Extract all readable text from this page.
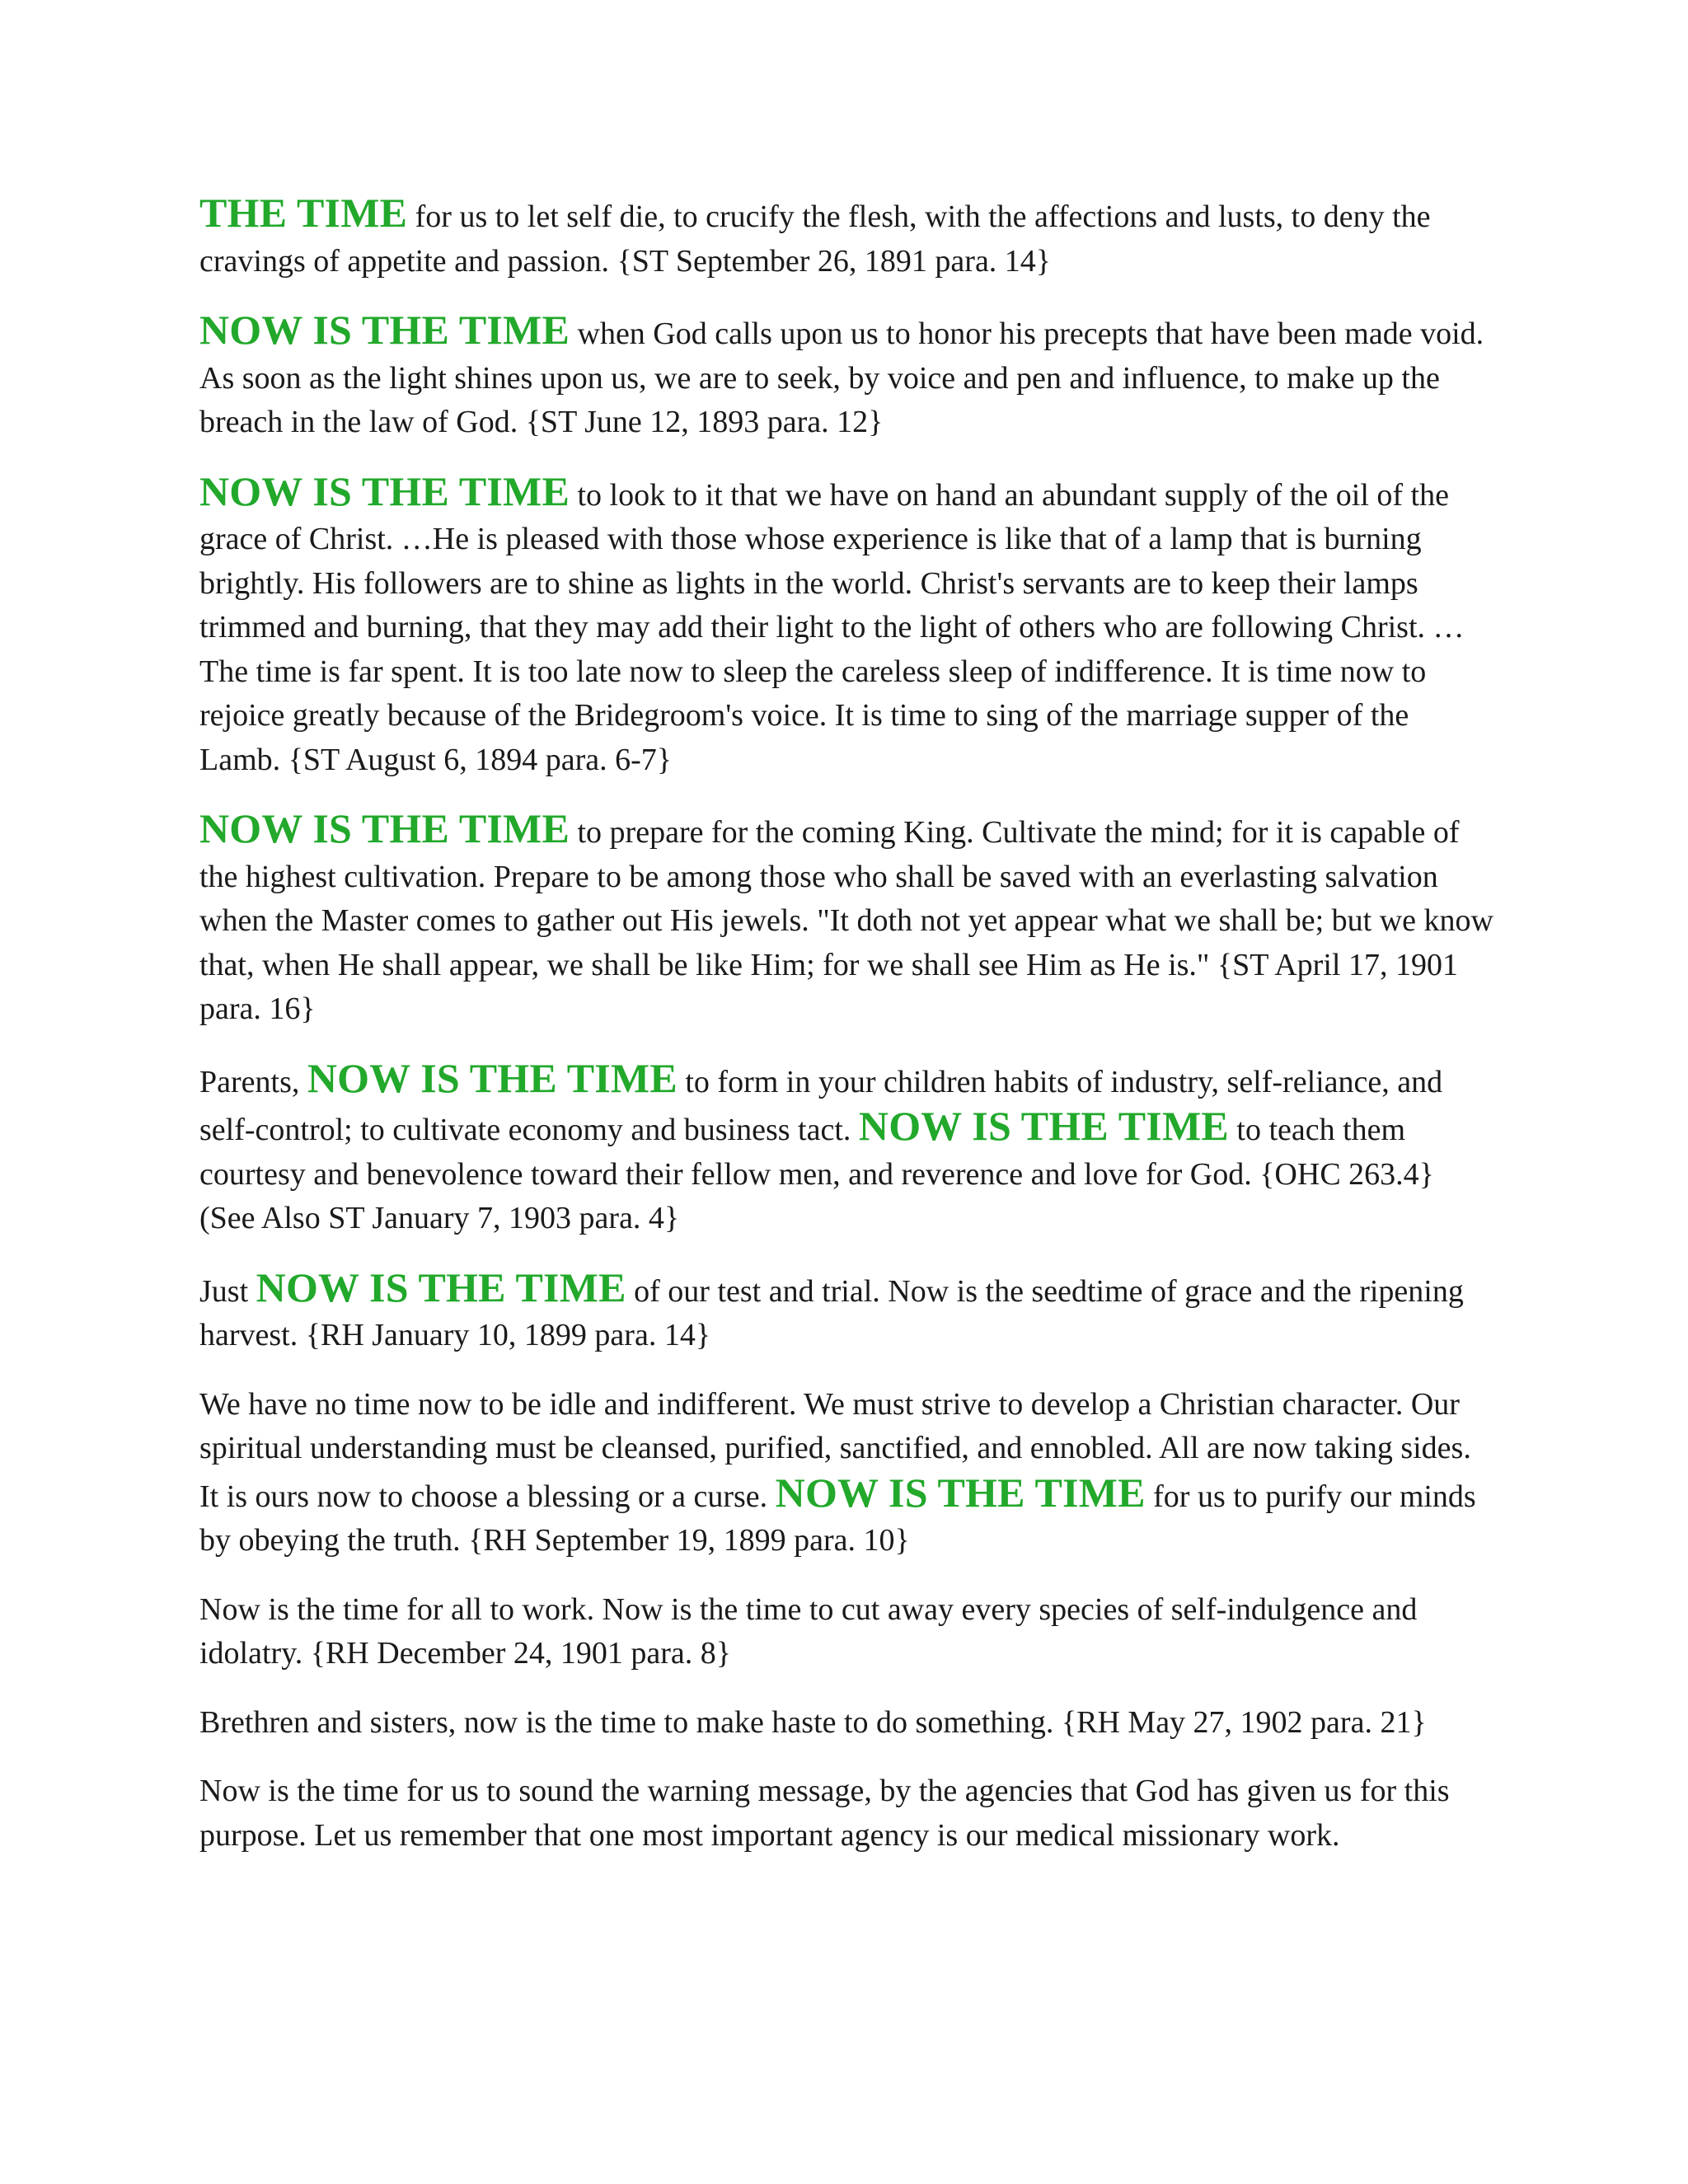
THE TIME for us to let self die, to crucify the flesh, with the affections and lusts, to deny the cravings of appetite and passion. {ST September 26, 1891 para. 14}

NOW IS THE TIME when God calls upon us to honor his precepts that have been made void. As soon as the light shines upon us, we are to seek, by voice and pen and influence, to make up the breach in the law of God. {ST June 12, 1893 para. 12}

NOW IS THE TIME to look to it that we have on hand an abundant supply of the oil of the grace of Christ. …He is pleased with those whose experience is like that of a lamp that is burning brightly. His followers are to shine as lights in the world. Christ's servants are to keep their lamps trimmed and burning, that they may add their light to the light of others who are following Christ. …The time is far spent. It is too late now to sleep the careless sleep of indifference. It is time now to rejoice greatly because of the Bridegroom's voice. It is time to sing of the marriage supper of the Lamb. {ST August 6, 1894 para. 6-7}

NOW IS THE TIME to prepare for the coming King. Cultivate the mind; for it is capable of the highest cultivation. Prepare to be among those who shall be saved with an everlasting salvation when the Master comes to gather out His jewels. "It doth not yet appear what we shall be; but we know that, when He shall appear, we shall be like Him; for we shall see Him as He is." {ST April 17, 1901 para. 16}

Parents, NOW IS THE TIME to form in your children habits of industry, self-reliance, and self-control; to cultivate economy and business tact. NOW IS THE TIME to teach them courtesy and benevolence toward their fellow men, and reverence and love for God. {OHC 263.4} (See Also ST January 7, 1903 para. 4}

Just NOW IS THE TIME of our test and trial. Now is the seedtime of grace and the ripening harvest. {RH January 10, 1899 para. 14}

We have no time now to be idle and indifferent. We must strive to develop a Christian character. Our spiritual understanding must be cleansed, purified, sanctified, and ennobled. All are now taking sides. It is ours now to choose a blessing or a curse. NOW IS THE TIME for us to purify our minds by obeying the truth. {RH September 19, 1899 para. 10}

Now is the time for all to work. Now is the time to cut away every species of self-indulgence and idolatry. {RH December 24, 1901 para. 8}

Brethren and sisters, now is the time to make haste to do something. {RH May 27, 1902 para. 21}

Now is the time for us to sound the warning message, by the agencies that God has given us for this purpose. Let us remember that one most important agency is our medical missionary work.
